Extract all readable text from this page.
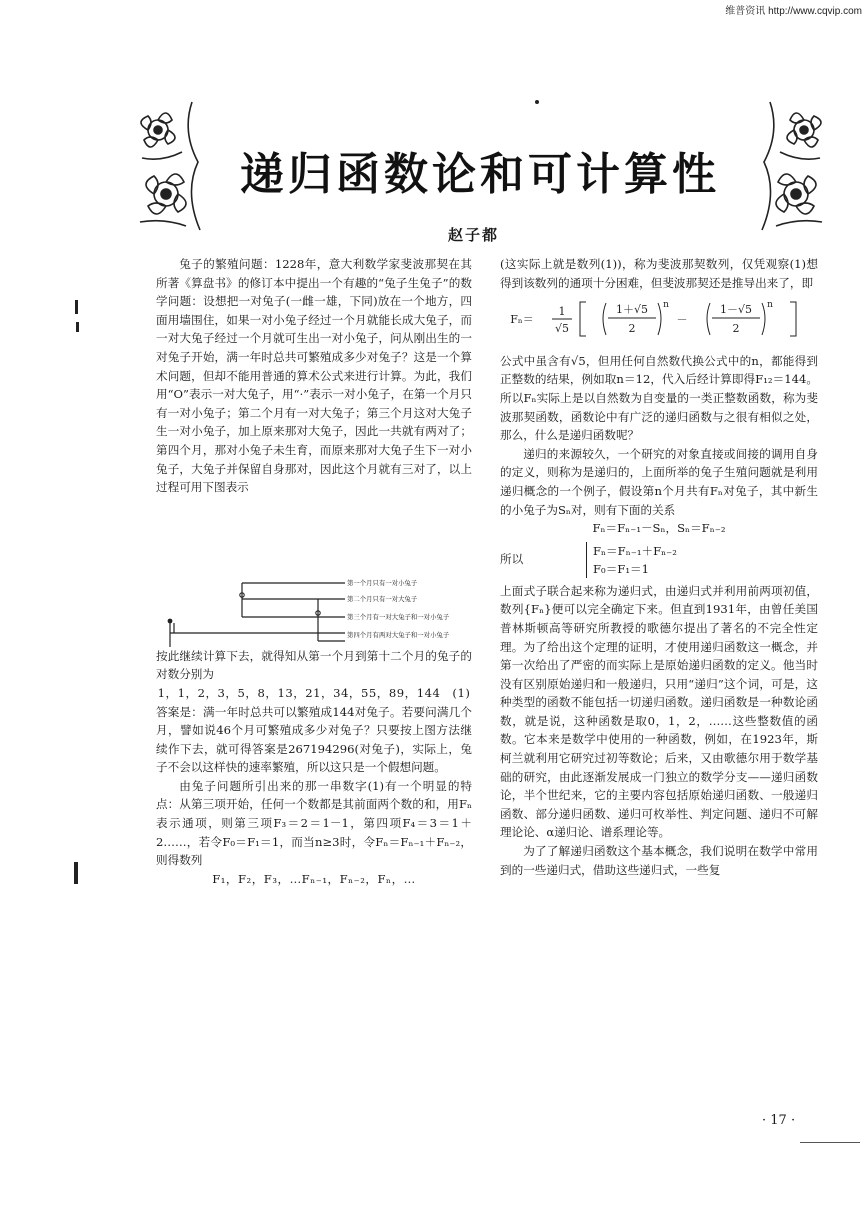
维普资讯 http://www.cqvip.com
递归函数论和可计算性
赵子都

兔子的繁殖问题：1228年，意大利数学家斐波那契在其所著《算盘书》的修订本中提出一个有趣的“兔子生兔子”的数学问题：设想把一对兔子(一雌一雄，下同)放在一个地方，四面用墙围住，如果一对小兔子经过一个月就能长成大兔子，而一对大兔子经过一个月就可生出一对小兔子，问从刚出生的一对兔子开始，满一年时总共可繁殖成多少对兔子？这是一个算术问题，但却不能用普通的算术公式来进行计算。为此，我们用“O”表示一对大兔子，用“·”表示一对小兔子，在第一个月只有一对小兔子；第二个月有一对大兔子；第三个月这对大兔子生一对小兔子，加上原来那对大兔子，因此一共就有两对了；第四个月，那对小兔子未生育，而原来那对大兔子生下一对小兔子，大兔子并保留自身那对，因此这个月就有三对了，以上过程可用下图表示

按此继续计算下去，就得知从第一个月到第十二个月的兔子的对数分别为

1，1，2，3，5，8，13，21，34，55，89，144　(1)

答案是：满一年时总共可以繁殖成144对兔子。若要问满几个月，譬如说46个月可繁殖成多少对兔子？只要按上图方法继续作下去，就可得答案是267194296(对兔子)，实际上，兔子不会以这样快的速率繁殖，所以这只是一个假想问题。

由兔子问题所引出来的那一串数字(1)有一个明显的特点：从第三项开始，任何一个数都是其前面两个数的和，用Fₙ表示通项，则第三项F₃＝2＝1－1，第四项F₄＝3＝1＋2……，若令F₀＝F₁＝1，而当n≥3时，令Fₙ＝Fₙ₋₁＋Fₙ₋₂，则得数列

F₁，F₂，F₃，…Fₙ₋₁，Fₙ₋₂，Fₙ，…

第一个月只有一对小兔子
第二个月只有一对大兔子
第三个月有一对大兔子和一对小兔子
第四个月有两对大兔子和一对小兔子

(这实际上就是数列(1))，称为斐波那契数列，仅凭观察(1)想得到该数列的通项十分困难，但斐波那契还是推导出来了，即

Fₙ＝
1
√5
1＋√5
2
n
－
1－√5
2
n

公式中虽含有√5，但用任何自然数代换公式中的n，都能得到正整数的结果，例如取n＝12，代入后经计算即得F₁₂＝144。所以Fₙ实际上是以自然数为自变量的一类正整数函数，称为斐波那契函数，函数论中有广泛的递归函数与之很有相似之处，那么，什么是递归函数呢？

递归的来源较久，一个研究的对象直接或间接的调用自身的定义，则称为是递归的，上面所举的兔子生殖问题就是利用递归概念的一个例子，假设第n个月共有Fₙ对兔子，其中新生的小兔子为Sₙ对，则有下面的关系

Fₙ＝Fₙ₋₁－Sₙ，Sₙ＝Fₙ₋₂

所以
Fₙ＝Fₙ₋₁＋Fₙ₋₂
F₀＝F₁＝1

上面式子联合起来称为递归式，由递归式并利用前两项初值，数列{Fₙ}便可以完全确定下来。但直到1931年，由曾任美国普林斯顿高等研究所教授的歌德尔提出了著名的不完全性定理。为了给出这个定理的证明，才使用递归函数这一概念，并第一次给出了严密的而实际上是原始递归函数的定义。他当时没有区别原始递归和一般递归，只用“递归”这个词，可是，这种类型的函数不能包括一切递归函数。递归函数是一种数论函数，就是说，这种函数是取0，1，2，……这些整数值的函数。它本来是数学中使用的一种函数，例如，在1923年，斯柯兰就利用它研究过初等数论；后来，又由歌德尔用于数学基础的研究，由此逐渐发展成一门独立的数学分支——递归函数论，半个世纪来，它的主要内容包括原始递归函数、一般递归函数、部分递归函数、递归可枚举性、判定问题、递归不可解理论论、α递归论、谱系理论等。

为了了解递归函数这个基本概念，我们说明在数学中常用到的一些递归式，借助这些递归式，一些复

· 17 ·
